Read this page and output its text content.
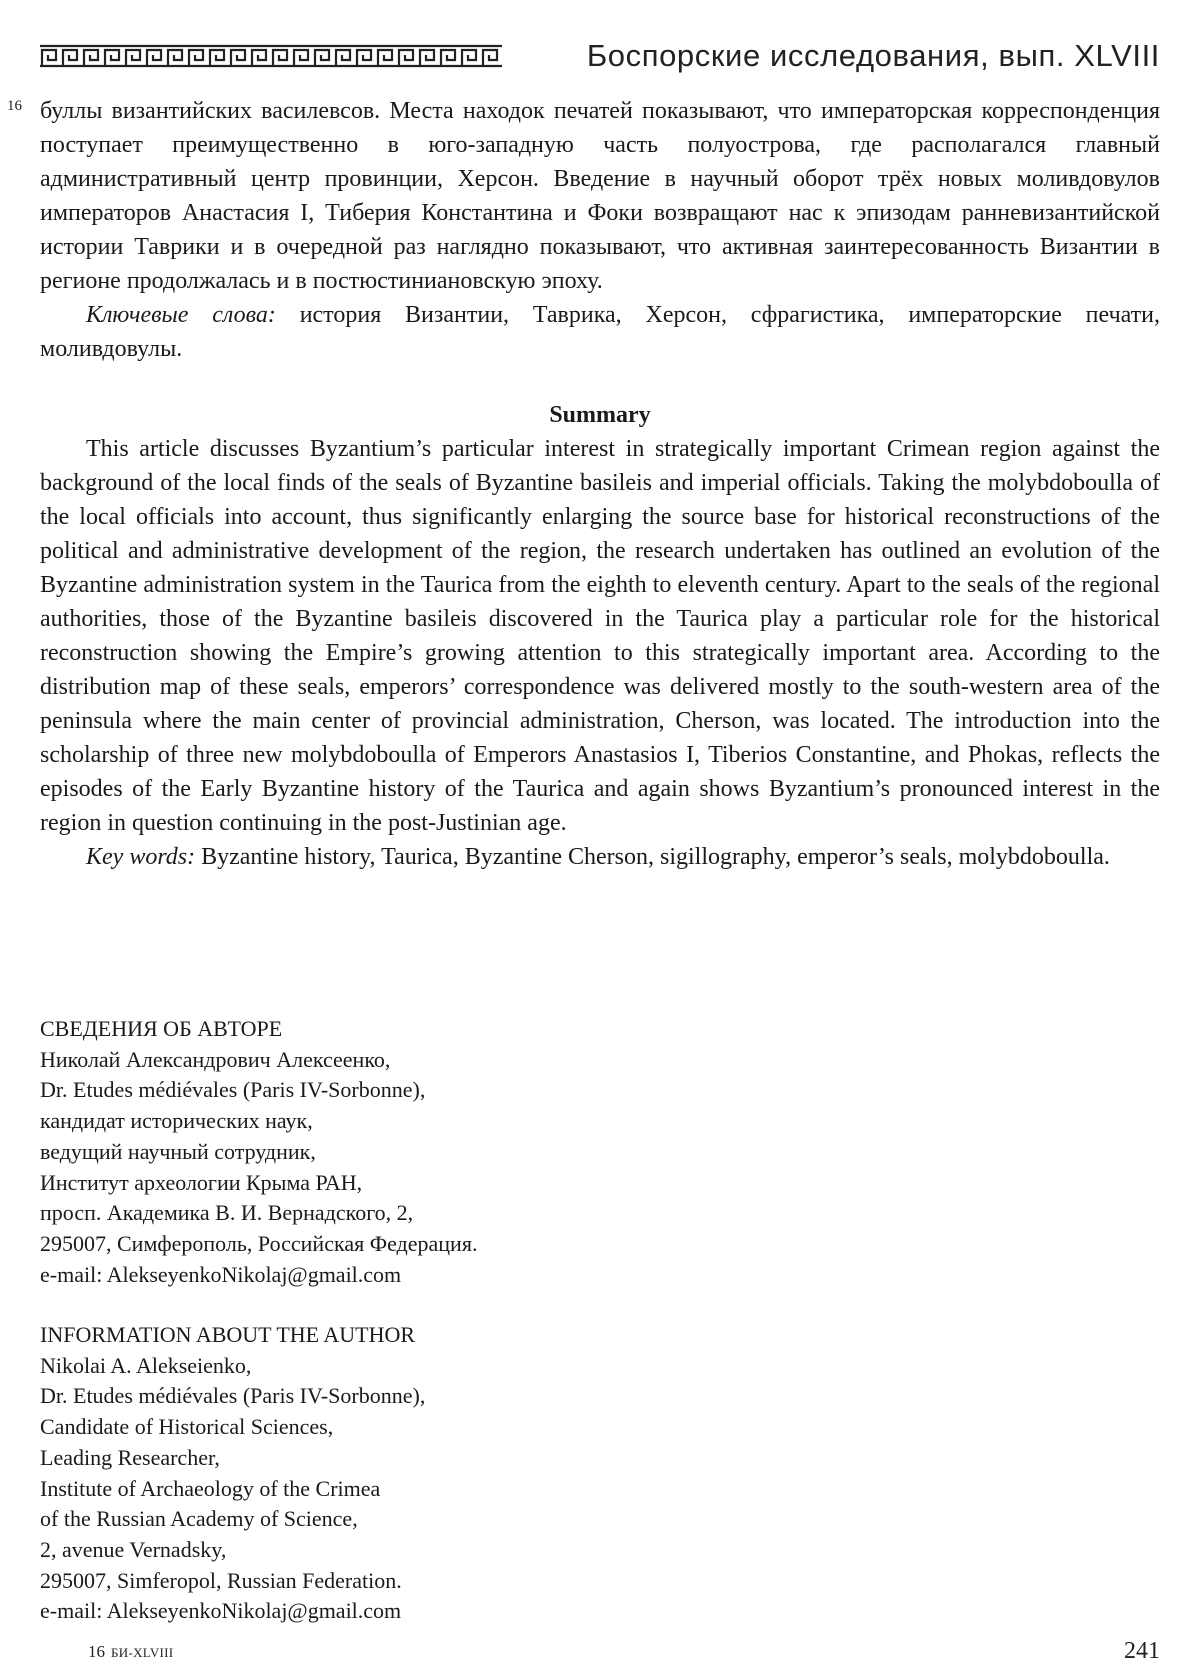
Боспорские исследования, вып. XLVIII
16 буллы византийских василевсов. Места находок печатей показывают, что императорская корреспонденция поступает преимущественно в юго-западную часть полуострова, где располагался главный административный центр провинции, Херсон. Введение в научный оборот трёх новых моливдовулов императоров Анастасия I, Тиберия Константина и Фоки возвращают нас к эпизодам ранневизантийской истории Таврики и в очередной раз наглядно показывают, что активная заинтересованность Византии в регионе продолжалась и в постюстиниановскую эпоху.

Ключевые слова: история Византии, Таврика, Херсон, сфрагистика, императорские печати, моливдовулы.

Summary

This article discusses Byzantium’s particular interest in strategically important Crimean region against the background of the local finds of the seals of Byzantine basileis and imperial officials. Taking the molybdoboulla of the local officials into account, thus significantly enlarging the source base for historical reconstructions of the political and administrative development of the region, the research undertaken has outlined an evolution of the Byzantine administration system in the Taurica from the eighth to eleventh century. Apart to the seals of the regional authorities, those of the Byzantine basileis discovered in the Taurica play a particular role for the historical reconstruction showing the Empire’s growing attention to this strategically important area. According to the distribution map of these seals, emperors’ correspondence was delivered mostly to the south-western area of the peninsula where the main center of provincial administration, Cherson, was located. The introduction into the scholarship of three new molybdoboulla of Emperors Anastasios I, Tiberios Constantine, and Phokas, reflects the episodes of the Early Byzantine history of the Taurica and again shows Byzantium’s pronounced interest in the region in question continuing in the post-Justinian age.

Key words: Byzantine history, Taurica, Byzantine Cherson, sigillography, emperor’s seals, molybdoboulla.

СВЕДЕНИЯ ОБ АВТОРЕ
Николай Александрович Алексеенко,
Dr. Etudes médiévales (Paris IV-Sorbonne),
кандидат исторических наук,
ведущий научный сотрудник,
Институт археологии Крыма РАН,
просп. Академика В. И. Вернадского, 2,
295007, Симферополь, Российская Федерация.
e-mail: AlekseyenkoNikolaj@gmail.com
INFORMATION ABOUT THE AUTHOR
Nikolai A. Alekseienko,
Dr. Etudes médiévales (Paris IV-Sorbonne),
Candidate of Historical Sciences,
Leading Researcher,
Institute of Archaeology of the Crimea
of the Russian Academy of Science,
2, avenue Vernadsky,
295007, Simferopol, Russian Federation.
e-mail: AlekseyenkoNikolaj@gmail.com
16 БИ-XLVIII	241
